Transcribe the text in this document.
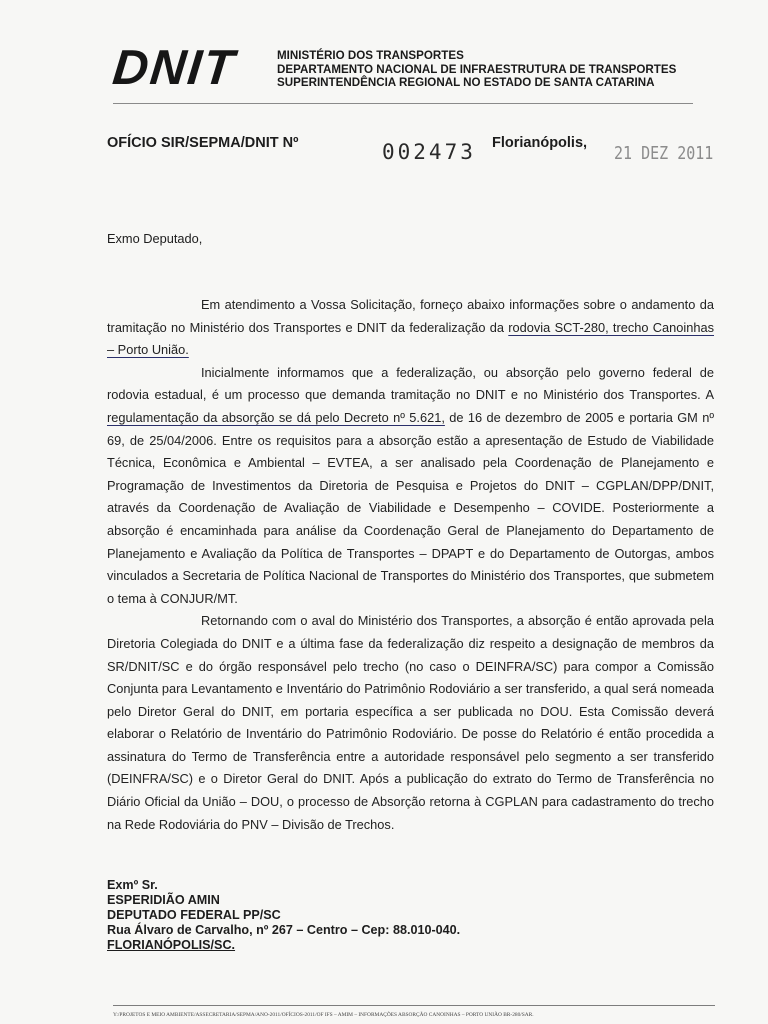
DNIT	MINISTÉRIO DOS TRANSPORTES
DEPARTAMENTO NACIONAL DE INFRAESTRUTURA DE TRANSPORTES
SUPERINTENDÊNCIA REGIONAL NO ESTADO DE SANTA CATARINA
OFÍCIO SIR/SEPMA/DNIT Nº	002473 Florianópolis, 21 DEZ 2011
Exmo Deputado,

Em atendimento a Vossa Solicitação, forneço abaixo informações sobre o andamento da tramitação no Ministério dos Transportes e DNIT da federalização da rodovia SCT-280, trecho Canoinhas – Porto União.

Inicialmente informamos que a federalização, ou absorção pelo governo federal de rodovia estadual, é um processo que demanda tramitação no DNIT e no Ministério dos Transportes. A regulamentação da absorção se dá pelo Decreto nº 5.621, de 16 de dezembro de 2005 e portaria GM nº 69, de 25/04/2006. Entre os requisitos para a absorção estão a apresentação de Estudo de Viabilidade Técnica, Econômica e Ambiental – EVTEA, a ser analisado pela Coordenação de Planejamento e Programação de Investimentos da Diretoria de Pesquisa e Projetos do DNIT – CGPLAN/DPP/DNIT, através da Coordenação de Avaliação de Viabilidade e Desempenho – COVIDE. Posteriormente a absorção é encaminhada para análise da Coordenação Geral de Planejamento do Departamento de Planejamento e Avaliação da Política de Transportes – DPAPT e do Departamento de Outorgas, ambos vinculados a Secretaria de Política Nacional de Transportes do Ministério dos Transportes, que submetem o tema à CONJUR/MT.

Retornando com o aval do Ministério dos Transportes, a absorção é então aprovada pela Diretoria Colegiada do DNIT e a última fase da federalização diz respeito a designação de membros da SR/DNIT/SC e do órgão responsável pelo trecho (no caso o DEINFRA/SC) para compor a Comissão Conjunta para Levantamento e Inventário do Patrimônio Rodoviário a ser transferido, a qual será nomeada pelo Diretor Geral do DNIT, em portaria específica a ser publicada no DOU. Esta Comissão deverá elaborar o Relatório de Inventário do Patrimônio Rodoviário. De posse do Relatório é então procedida a assinatura do Termo de Transferência entre a autoridade responsável pelo segmento a ser transferido (DEINFRA/SC) e o Diretor Geral do DNIT. Após a publicação do extrato do Termo de Transferência no Diário Oficial da União – DOU, o processo de Absorção retorna à CGPLAN para cadastramento do trecho na Rede Rodoviária do PNV – Divisão de Trechos.

Exmº Sr.
ESPERIDIÃO AMIN
DEPUTADO FEDERAL PP/SC
Rua Álvaro de Carvalho, nº 267 – Centro – Cep: 88.010-040.
FLORIANÓPOLIS/SC.
Y:/PROJETOS E MEIO AMBIENTE/ASSECRETARIA/SEPMA/ANO-2011/OFÍCIOS-2011/OF IFS – AMIM – INFORMAÇÕES ABSORÇÃO CANOINHAS – PORTO UNIÃO BR-280/SAR.
